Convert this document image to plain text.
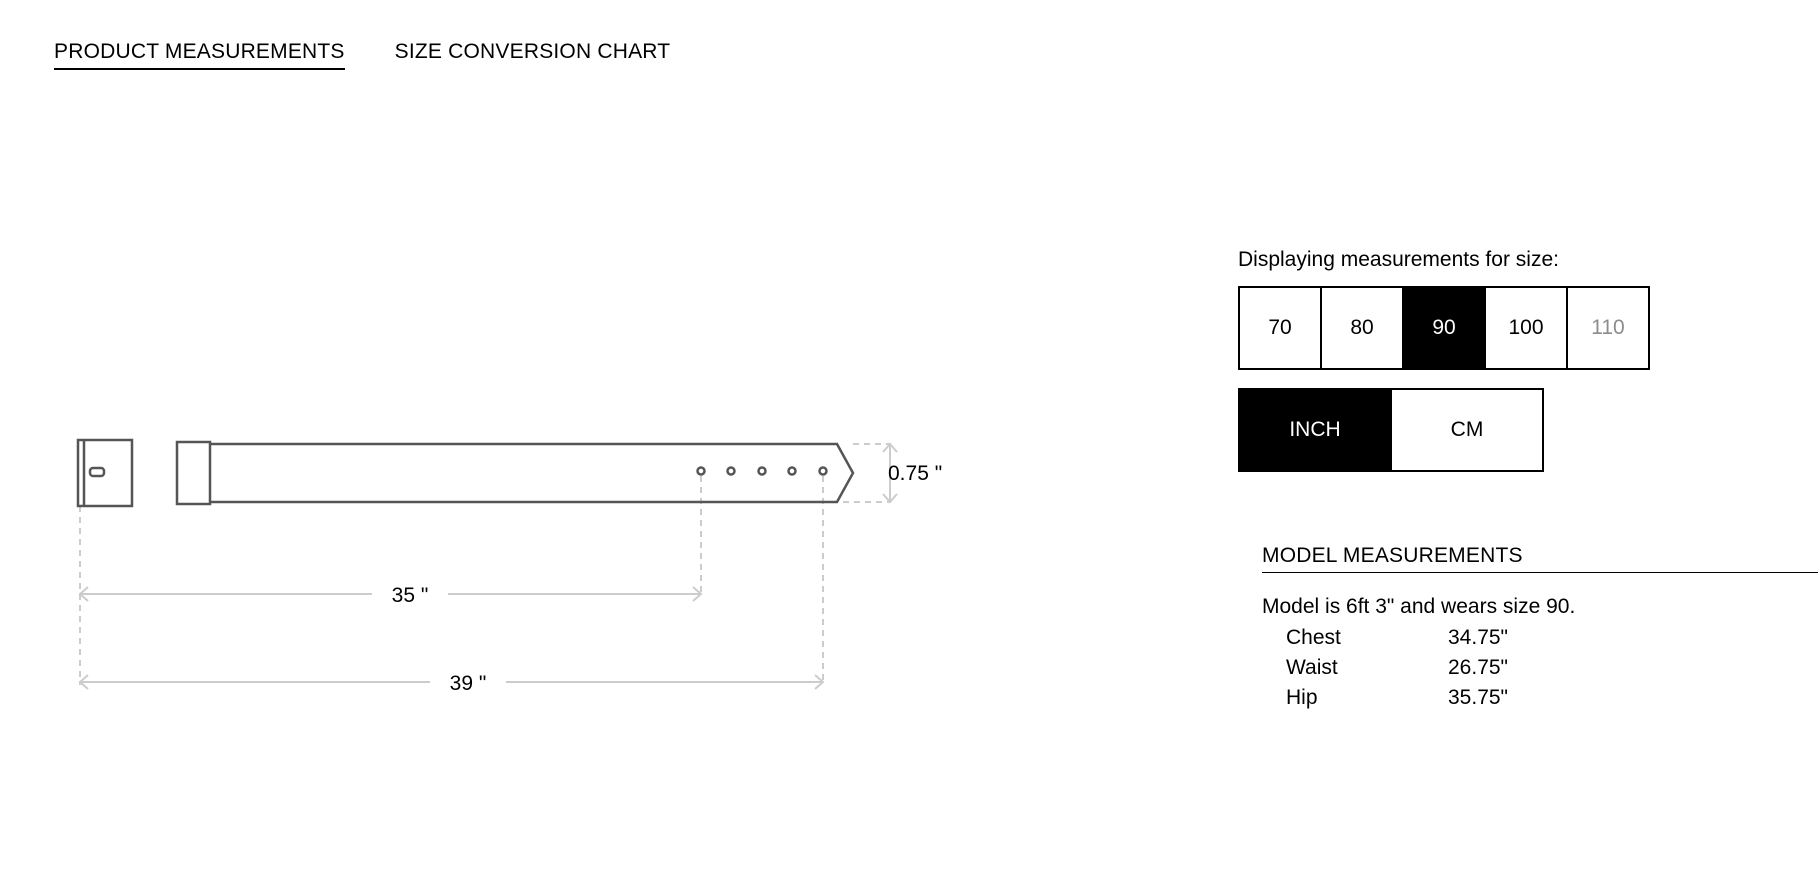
PRODUCT MEASUREMENTS SIZE CONVERSION CHART
0.75 "
35 "
39 "
Displaying measurements for size:
70	80	90	100	110
INCH	CM
MODEL MEASUREMENTS
Model is 6ft 3" and wears size 90.
Chest	34.75"
Waist	26.75"
Hip	35.75"
